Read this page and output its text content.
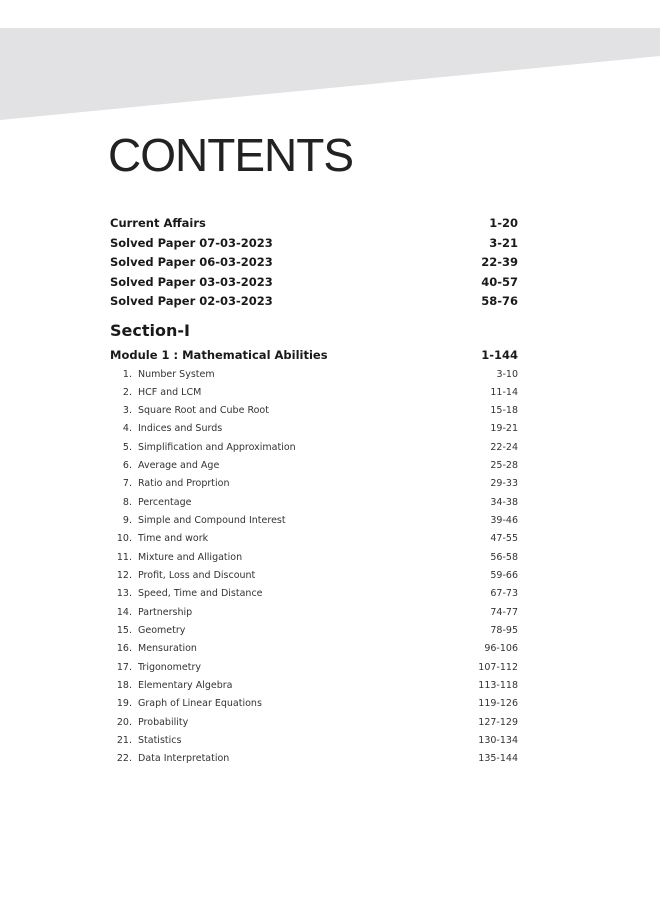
CONTENTS
Current Affairs	1-20
Solved Paper 07-03-2023	3-21
Solved Paper 06-03-2023	22-39
Solved Paper 03-03-2023	40-57
Solved Paper 02-03-2023	58-76
Section-I
Module 1 : Mathematical Abilities	1-144
1. Number System	3-10
2. HCF and LCM	11-14
3. Square Root and Cube Root	15-18
4. Indices and Surds	19-21
5. Simplification and Approximation	22-24
6. Average and Age	25-28
7. Ratio and Proprtion	29-33
8. Percentage	34-38
9. Simple and Compound Interest	39-46
10. Time and work	47-55
11. Mixture and Alligation	56-58
12. Profit, Loss and Discount	59-66
13. Speed, Time and Distance	67-73
14. Partnership	74-77
15. Geometry	78-95
16. Mensuration	96-106
17. Trigonometry	107-112
18. Elementary Algebra	113-118
19. Graph of Linear Equations	119-126
20. Probability	127-129
21. Statistics	130-134
22. Data Interpretation	135-144
